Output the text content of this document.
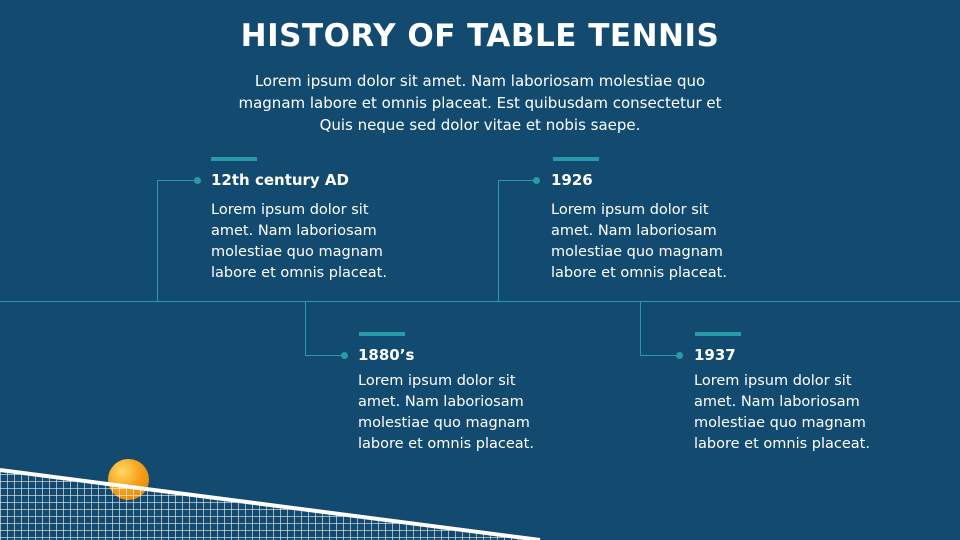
HISTORY OF TABLE TENNIS

Lorem ipsum dolor sit amet. Nam laboriosam molestiae quo magnam labore et omnis placeat. Est quibusdam consectetur et Quis neque sed dolor vitae et nobis saepe.

12th century AD
Lorem ipsum dolor sit amet. Nam laboriosam molestiae quo magnam labore et omnis placeat.
1880’s
Lorem ipsum dolor sit amet. Nam laboriosam molestiae quo magnam labore et omnis placeat.
1926
Lorem ipsum dolor sit amet. Nam laboriosam molestiae quo magnam labore et omnis placeat.
1937
Lorem ipsum dolor sit amet. Nam laboriosam molestiae quo magnam labore et omnis placeat.
